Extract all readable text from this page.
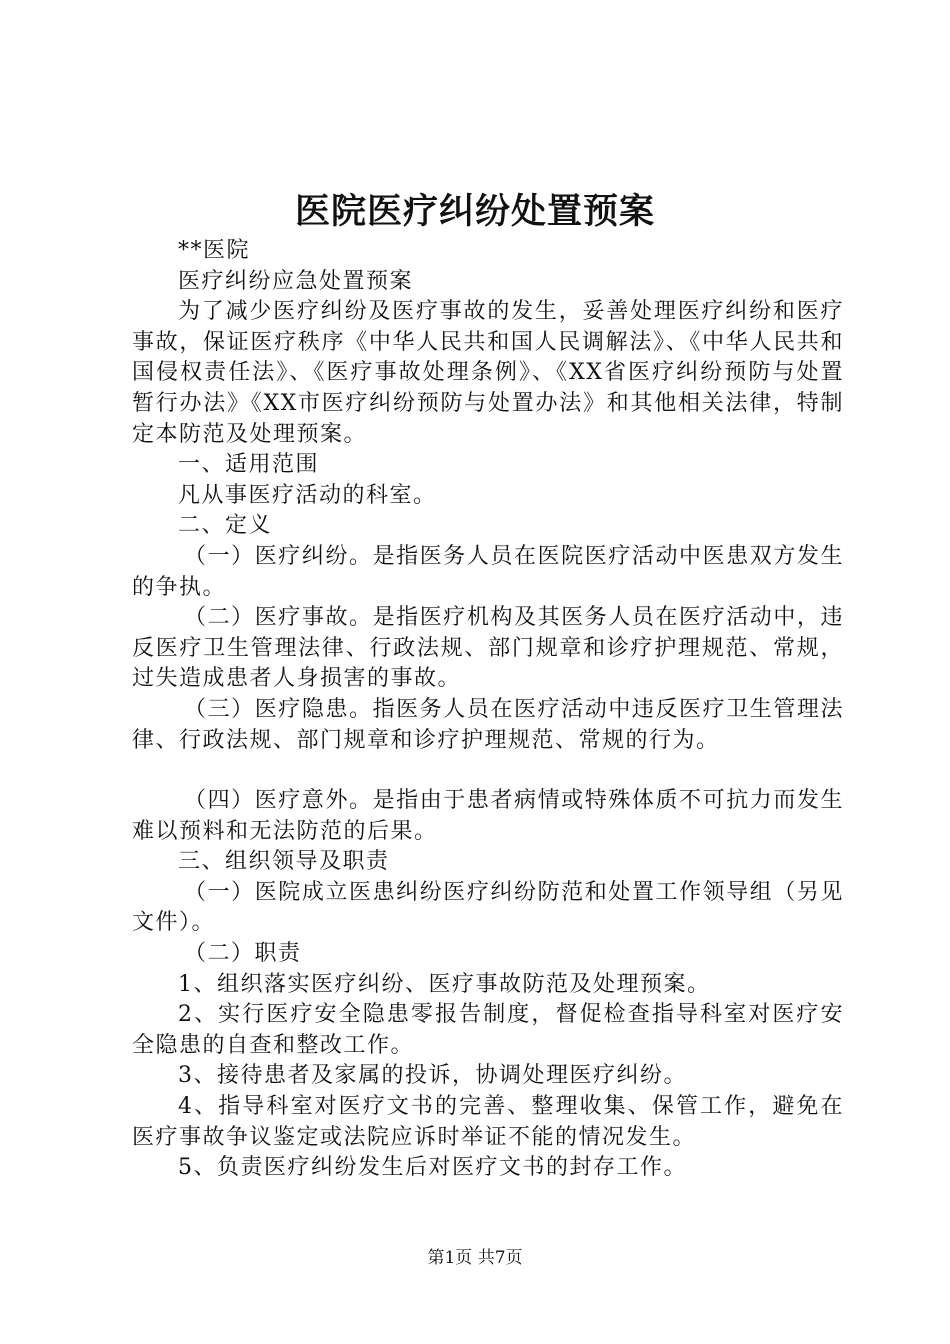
医院医疗纠纷处置预案

**医院

医疗纠纷应急处置预案

为了减少医疗纠纷及医疗事故的发生，妥善处理医疗纠纷和医疗事故，保证医疗秩序《中华人民共和国人民调解法》、《中华人民共和国侵权责任法》、《医疗事故处理条例》、《XX省医疗纠纷预防与处置暂行办法》《XX市医疗纠纷预防与处置办法》和其他相关法律，特制定本防范及处理预案。

一、适用范围

凡从事医疗活动的科室。

二、定义

（一）医疗纠纷。是指医务人员在医院医疗活动中医患双方发生的争执。

（二）医疗事故。是指医疗机构及其医务人员在医疗活动中，违反医疗卫生管理法律、行政法规、部门规章和诊疗护理规范、常规，过失造成患者人身损害的事故。

（三）医疗隐患。指医务人员在医疗活动中违反医疗卫生管理法律、行政法规、部门规章和诊疗护理规范、常规的行为。

（四）医疗意外。是指由于患者病情或特殊体质不可抗力而发生难以预料和无法防范的后果。

三、组织领导及职责

（一）医院成立医患纠纷医疗纠纷防范和处置工作领导组（另见文件）。

（二）职责

1、组织落实医疗纠纷、医疗事故防范及处理预案。

2、实行医疗安全隐患零报告制度，督促检查指导科室对医疗安全隐患的自查和整改工作。

3、接待患者及家属的投诉，协调处理医疗纠纷。

4、指导科室对医疗文书的完善、整理收集、保管工作，避免在医疗事故争议鉴定或法院应诉时举证不能的情况发生。

5、负责医疗纠纷发生后对医疗文书的封存工作。

第1页 共7页
